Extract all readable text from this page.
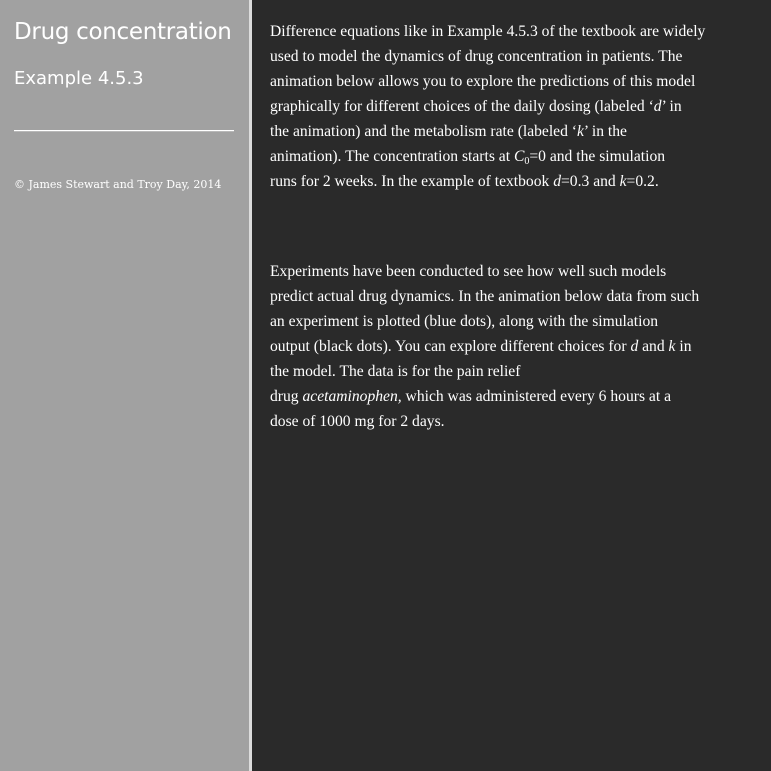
Drug concentration
Example 4.5.3
© James Stewart and Troy Day, 2014

Difference equations like in Example 4.5.3 of the textbook are widely used to model the dynamics of drug concentration in patients. The animation below allows you to explore the predictions of this model graphically for different choices of the daily dosing (labeled ‘d’ in the animation) and the metabolism rate (labeled ‘k’ in the animation). The concentration starts at $C_0=0$ and the simulation runs for 2 weeks. In the example of textbook d=0.3 and k=0.2.

Experiments have been conducted to see how well such models predict actual drug dynamics. In the animation below data from such an experiment is plotted (blue dots), along with the simulation output (black dots). You can explore different choices for d and k in the model. The data is for the pain relief drug acetaminophen, which was administered every 6 hours at a dose of 1000 mg for 2 days.
